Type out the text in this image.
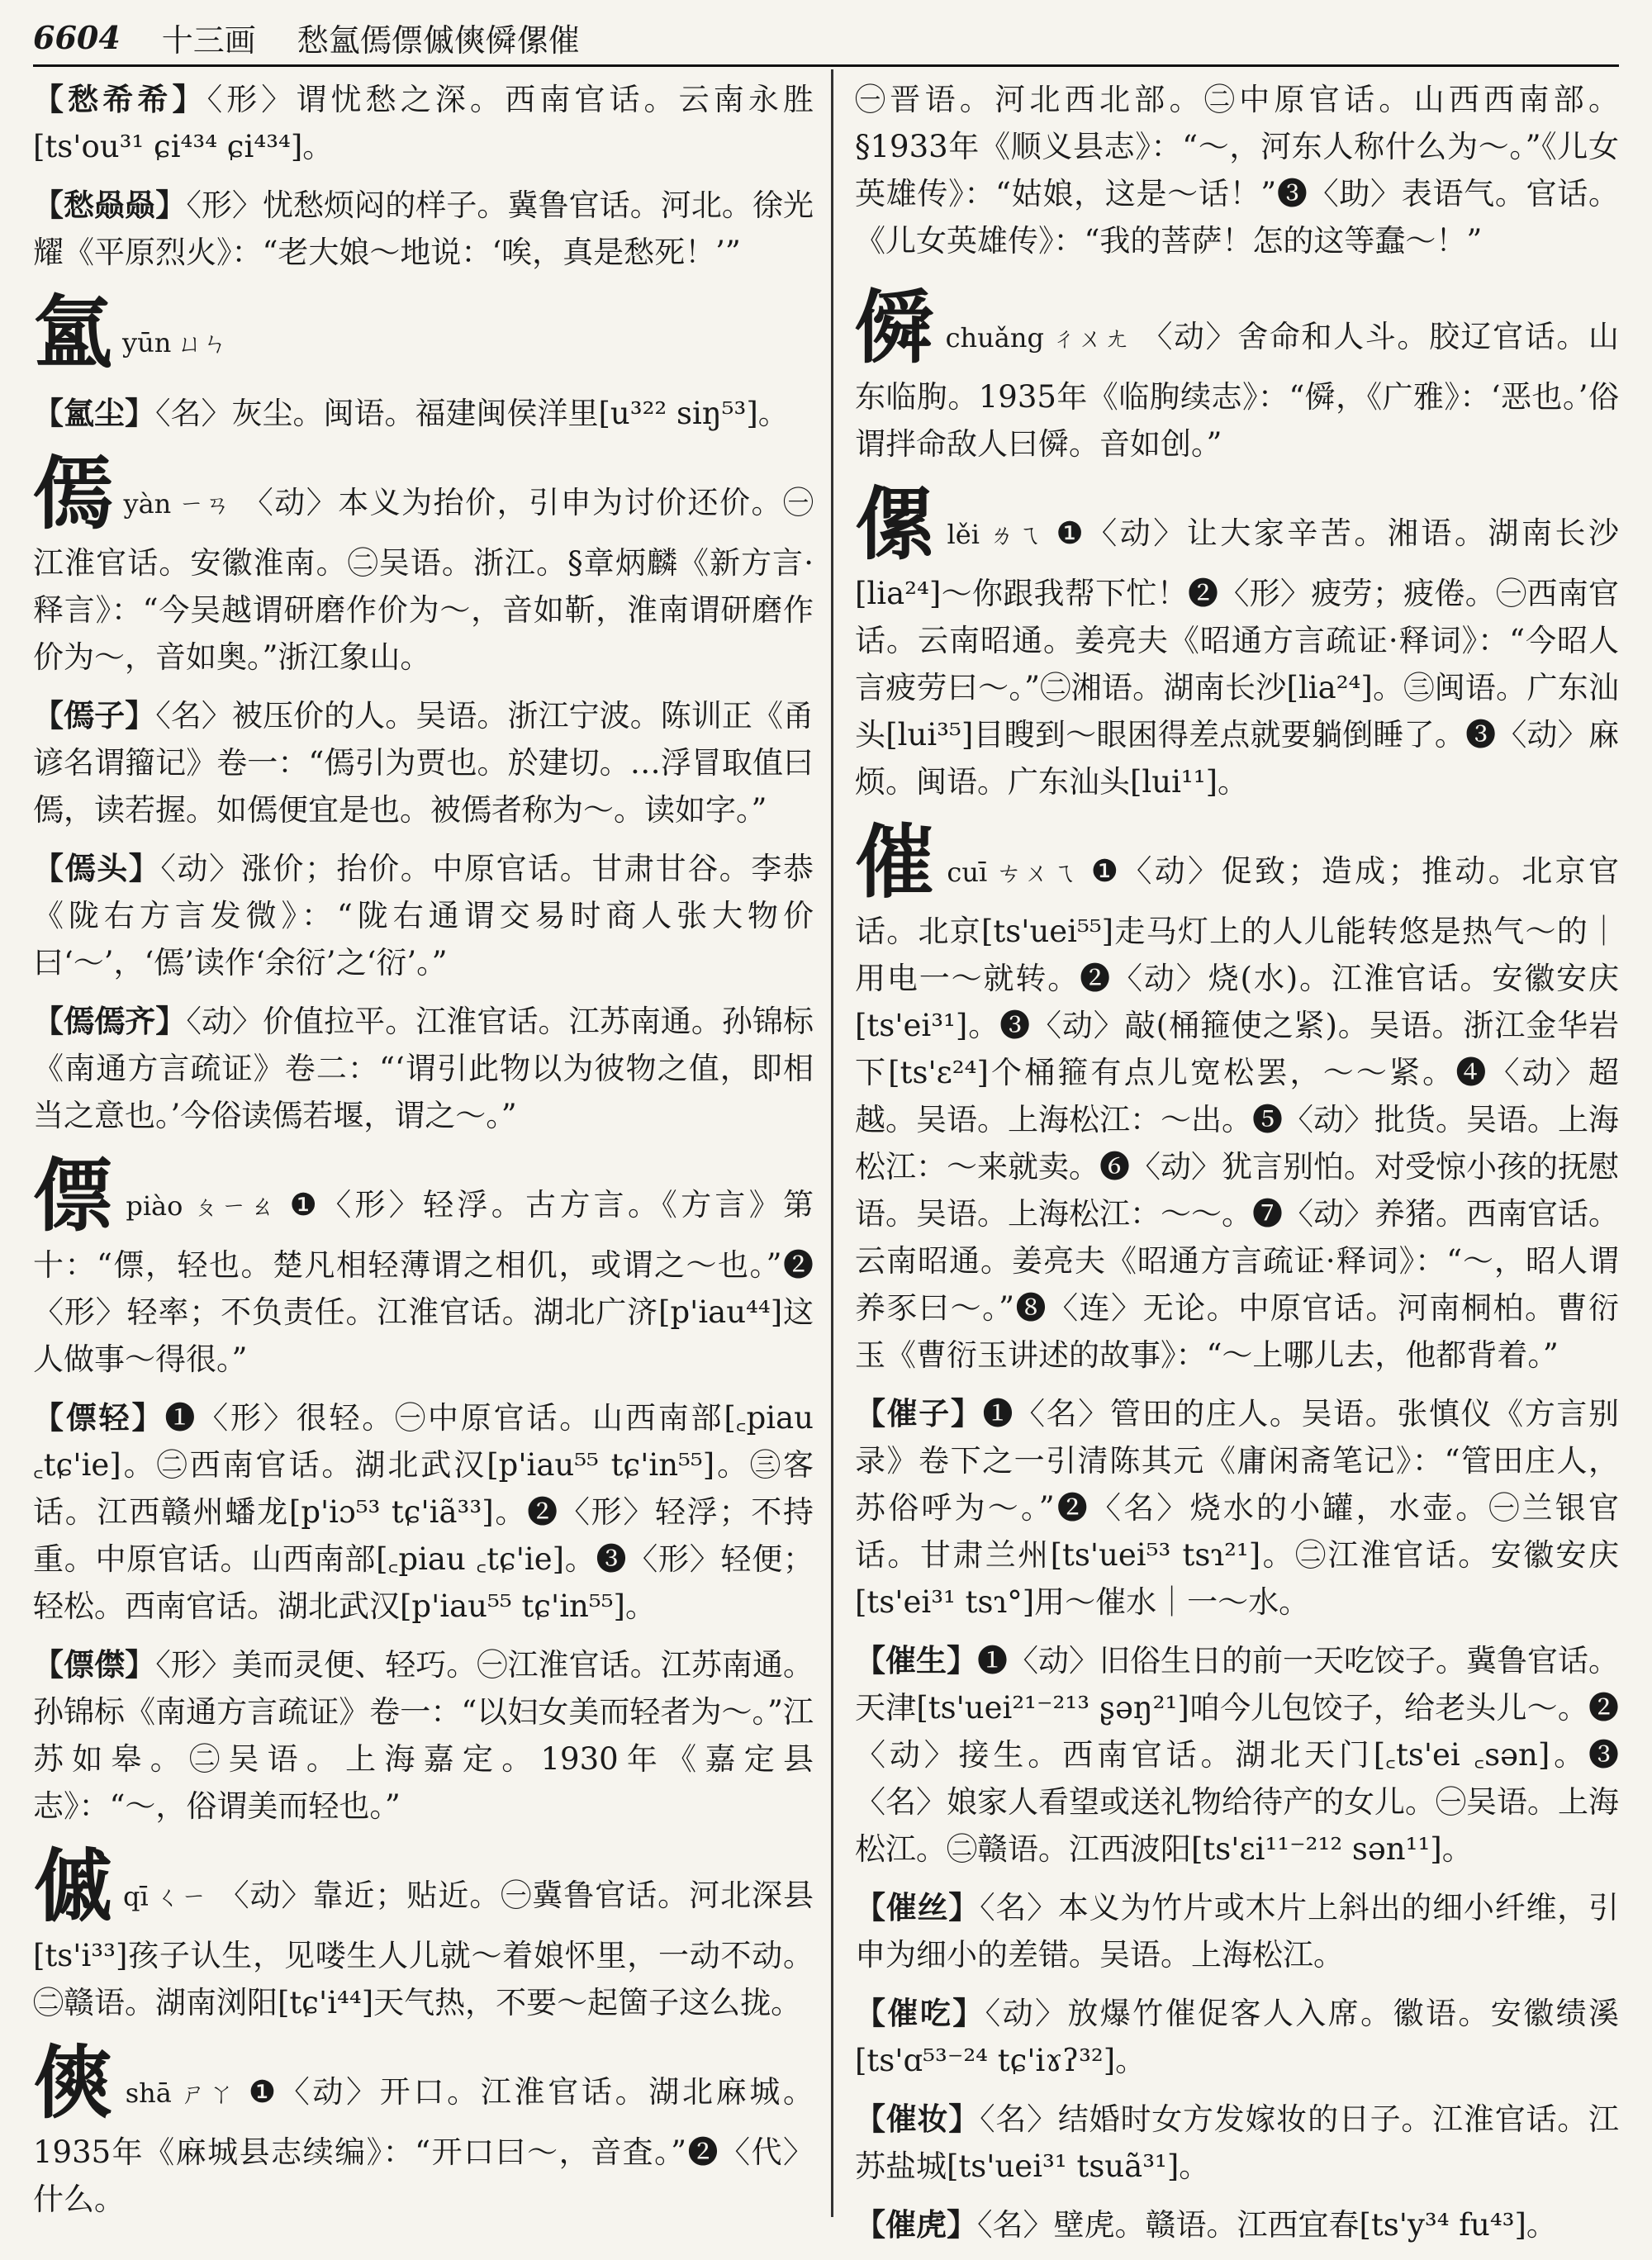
6604 十三画 愁氳傿僄傶傸僢傫催
【愁希希】〈形〉谓忧愁之深。西南官话。云南永胜[ts'ou³¹ ɕi⁴³⁴ ɕi⁴³⁴]。
【愁赑赑】〈形〉忧愁烦闷的样子。冀鲁官话。河北。徐光耀《平原烈火》：“老大娘～地说：‘唉，真是愁死！’”
氳yūn ㄩㄣ
【氳尘】〈名〉灰尘。闽语。福建闽侯洋里[u³²² siŋ⁵³]。
傿yàn ㄧㄢ 〈动〉本义为抬价，引申为讨价还价。㊀江淮官话。安徽淮南。㊁吴语。浙江。§章炳麟《新方言·释言》：“今吴越谓研磨作价为～，音如靳，淮南谓研磨作价为～，音如奥。”浙江象山。
【傿子】〈名〉被压价的人。吴语。浙江宁波。陈训正《甬谚名谓籀记》卷一：“傿引为贾也。於建切。…浮冒取值曰傿，读若握。如傿便宜是也。被傿者称为～。读如字。”
【傿头】〈动〉涨价；抬价。中原官话。甘肃甘谷。李恭《陇右方言发微》：“陇右通谓交易时商人张大物价曰‘～’，‘傿’读作‘余衍’之‘衍’。”
【傿傿齐】〈动〉价值拉平。江淮官话。江苏南通。孙锦标《南通方言疏证》卷二：“‘谓引此物以为彼物之值，即相当之意也。’今俗读傿若堰，谓之～。”
僄piào ㄆㄧㄠ ❶〈形〉轻浮。古方言。《方言》第十：“僄，轻也。楚凡相轻薄谓之相仉，或谓之～也。”❷〈形〉轻率；不负责任。江淮官话。湖北广济[p'iau⁴⁴]这人做事～得很。”
【僄轻】❶〈形〉很轻。㊀中原官话。山西南部[꜀piau ꜀tɕ'ie]。㊁西南官话。湖北武汉[p'iau⁵⁵ tɕ'in⁵⁵]。㊂客话。江西赣州蟠龙[p'iɔ⁵³ tɕ'iã³³]。❷〈形〉轻浮；不持重。中原官话。山西南部[꜀piau ꜀tɕ'ie]。❸〈形〉轻便；轻松。西南官话。湖北武汉[p'iau⁵⁵ tɕ'in⁵⁵]。
【僄僸】〈形〉美而灵便、轻巧。㊀江淮官话。江苏南通。孙锦标《南通方言疏证》卷一：“以妇女美而轻者为～。”江苏如皋。㊁吴语。上海嘉定。1930年《嘉定县志》：“～，俗谓美而轻也。”
傶qī ㄑㄧ 〈动〉靠近；贴近。㊀冀鲁官话。河北深县[ts'i³³]孩子认生，见喽生人儿就～着娘怀里，一动不动。㊁赣语。湖南浏阳[tɕ'i⁴⁴]天气热，不要～起箇子这么拢。
傸shā ㄕㄚ ❶〈动〉开口。江淮官话。湖北麻城。1935年《麻城县志续编》：“开口曰～，音査。”❷〈代〉什么。
㊀晋语。河北西北部。㊁中原官话。山西西南部。§1933年《顺义县志》：“～，河东人称什么为～。”《儿女英雄传》：“姑娘，这是～话！”❸〈助〉表语气。官话。《儿女英雄传》：“我的菩萨！怎的这等蠢～！”
僢chuǎng ㄔㄨㄤ 〈动〉舍命和人斗。胶辽官话。山东临朐。1935年《临朐续志》：“僢，《广雅》：‘恶也。’俗谓拌命敌人曰僢。音如创。”
傫lěi ㄌㄟ ❶〈动〉让大家辛苦。湘语。湖南长沙[lia²⁴]～你跟我帮下忙！❷〈形〉疲劳；疲倦。㊀西南官话。云南昭通。姜亮夫《昭通方言疏证·释词》：“今昭人言疲劳曰～。”㊁湘语。湖南长沙[lia²⁴]。㊂闽语。广东汕头[lui³⁵]目瞍到～眼困得差点就要躺倒睡了。❸〈动〉麻烦。闽语。广东汕头[lui¹¹]。
催cuī ㄘㄨㄟ ❶〈动〉促致；造成；推动。北京官话。北京[ts'uei⁵⁵]走马灯上的人儿能转悠是热气～的｜用电一～就转。❷〈动〉烧(水)。江淮官话。安徽安庆[ts'ei³¹]。❸〈动〉敲(桶箍使之紧)。吴语。浙江金华岩下[ts'ɛ²⁴]个桶箍有点儿宽松罢，～～紧。❹〈动〉超越。吴语。上海松江：～出。❺〈动〉批货。吴语。上海松江：～来就卖。❻〈动〉犹言别怕。对受惊小孩的抚慰语。吴语。上海松江：～～。❼〈动〉养猪。西南官话。云南昭通。姜亮夫《昭通方言疏证·释词》：“～，昭人谓养豕曰～。”❽〈连〉无论。中原官话。河南桐柏。曹衍玉《曹衍玉讲述的故事》：“～上哪儿去，他都背着。”
【催子】❶〈名〉管田的庄人。吴语。张慎仪《方言别录》卷下之一引清陈其元《庸闲斋笔记》：“管田庄人，苏俗呼为～。”❷〈名〉烧水的小罐，水壶。㊀兰银官话。甘肃兰州[ts'uei⁵³ tsɿ²¹]。㊁江淮官话。安徽安庆[ts'ei³¹ tsɿ°]用～催水｜一～水。
【催生】❶〈动〉旧俗生日的前一天吃饺子。冀鲁官话。天津[ts'uei²¹⁻²¹³ ʂəŋ²¹]咱今儿包饺子，给老头儿～。❷〈动〉接生。西南官话。湖北天门[꜀ts'ei ꜀sən]。❸〈名〉娘家人看望或送礼物给待产的女儿。㊀吴语。上海松江。㊁赣语。江西波阳[ts'ɛi¹¹⁻²¹² sən¹¹]。
【催丝】〈名〉本义为竹片或木片上斜出的细小纤维，引申为细小的差错。吴语。上海松江。
【催吃】〈动〉放爆竹催促客人入席。徽语。安徽绩溪[ts'ɑ⁵³⁻²⁴ tɕ'iɤʔ³²]。
【催妆】〈名〉结婚时女方发嫁妆的日子。江淮官话。江苏盐城[ts'uei³¹ tsuã³¹]。
【催虎】〈名〉壁虎。赣语。江西宜春[ts'y³⁴ fu⁴³]。
